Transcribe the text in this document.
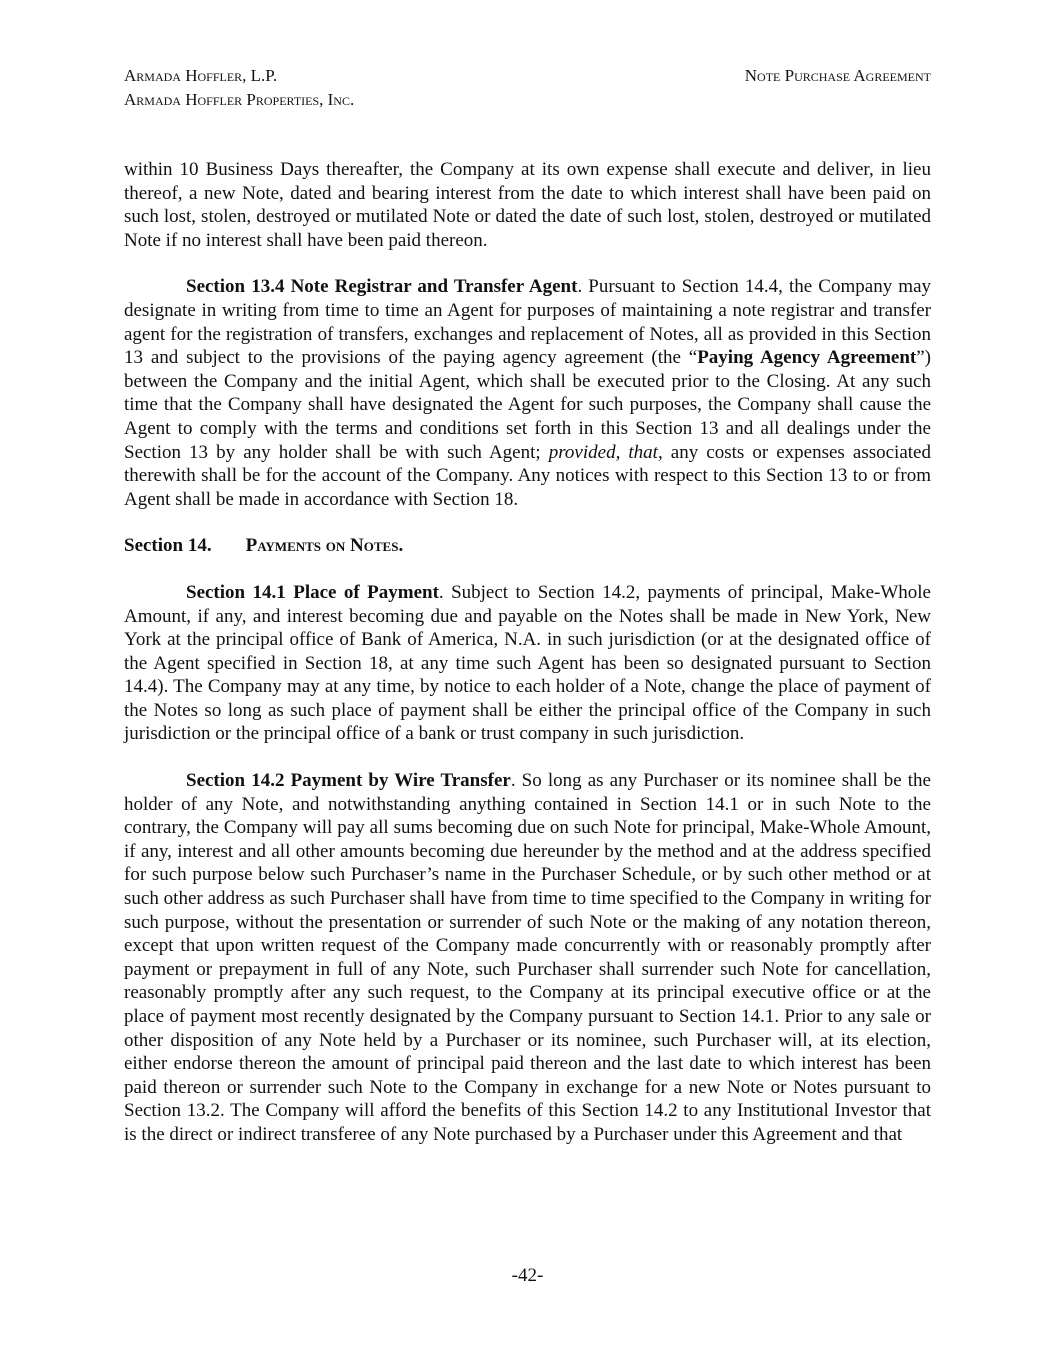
Armada Hoffler, L.P.
Armada Hoffler Properties, Inc.
Note Purchase Agreement

within 10 Business Days thereafter, the Company at its own expense shall execute and deliver, in lieu thereof, a new Note, dated and bearing interest from the date to which interest shall have been paid on such lost, stolen, destroyed or mutilated Note or dated the date of such lost, stolen, destroyed or mutilated Note if no interest shall have been paid thereon.

Section 13.4 Note Registrar and Transfer Agent. Pursuant to Section 14.4, the Company may designate in writing from time to time an Agent for purposes of maintaining a note registrar and transfer agent for the registration of transfers, exchanges and replacement of Notes, all as provided in this Section 13 and subject to the provisions of the paying agency agreement (the “Paying Agency Agreement”) between the Company and the initial Agent, which shall be executed prior to the Closing. At any such time that the Company shall have designated the Agent for such purposes, the Company shall cause the Agent to comply with the terms and conditions set forth in this Section 13 and all dealings under the Section 13 by any holder shall be with such Agent; provided, that, any costs or expenses associated therewith shall be for the account of the Company. Any notices with respect to this Section 13 to or from Agent shall be made in accordance with Section 18.

Section 14. Payments on Notes.

Section 14.1 Place of Payment. Subject to Section 14.2, payments of principal, Make-Whole Amount, if any, and interest becoming due and payable on the Notes shall be made in New York, New York at the principal office of Bank of America, N.A. in such jurisdiction (or at the designated office of the Agent specified in Section 18, at any time such Agent has been so designated pursuant to Section 14.4). The Company may at any time, by notice to each holder of a Note, change the place of payment of the Notes so long as such place of payment shall be either the principal office of the Company in such jurisdiction or the principal office of a bank or trust company in such jurisdiction.

Section 14.2 Payment by Wire Transfer. So long as any Purchaser or its nominee shall be the holder of any Note, and notwithstanding anything contained in Section 14.1 or in such Note to the contrary, the Company will pay all sums becoming due on such Note for principal, Make-Whole Amount, if any, interest and all other amounts becoming due hereunder by the method and at the address specified for such purpose below such Purchaser’s name in the Purchaser Schedule, or by such other method or at such other address as such Purchaser shall have from time to time specified to the Company in writing for such purpose, without the presentation or surrender of such Note or the making of any notation thereon, except that upon written request of the Company made concurrently with or reasonably promptly after payment or prepayment in full of any Note, such Purchaser shall surrender such Note for cancellation, reasonably promptly after any such request, to the Company at its principal executive office or at the place of payment most recently designated by the Company pursuant to Section 14.1. Prior to any sale or other disposition of any Note held by a Purchaser or its nominee, such Purchaser will, at its election, either endorse thereon the amount of principal paid thereon and the last date to which interest has been paid thereon or surrender such Note to the Company in exchange for a new Note or Notes pursuant to Section 13.2. The Company will afford the benefits of this Section 14.2 to any Institutional Investor that is the direct or indirect transferee of any Note purchased by a Purchaser under this Agreement and that

-42-
